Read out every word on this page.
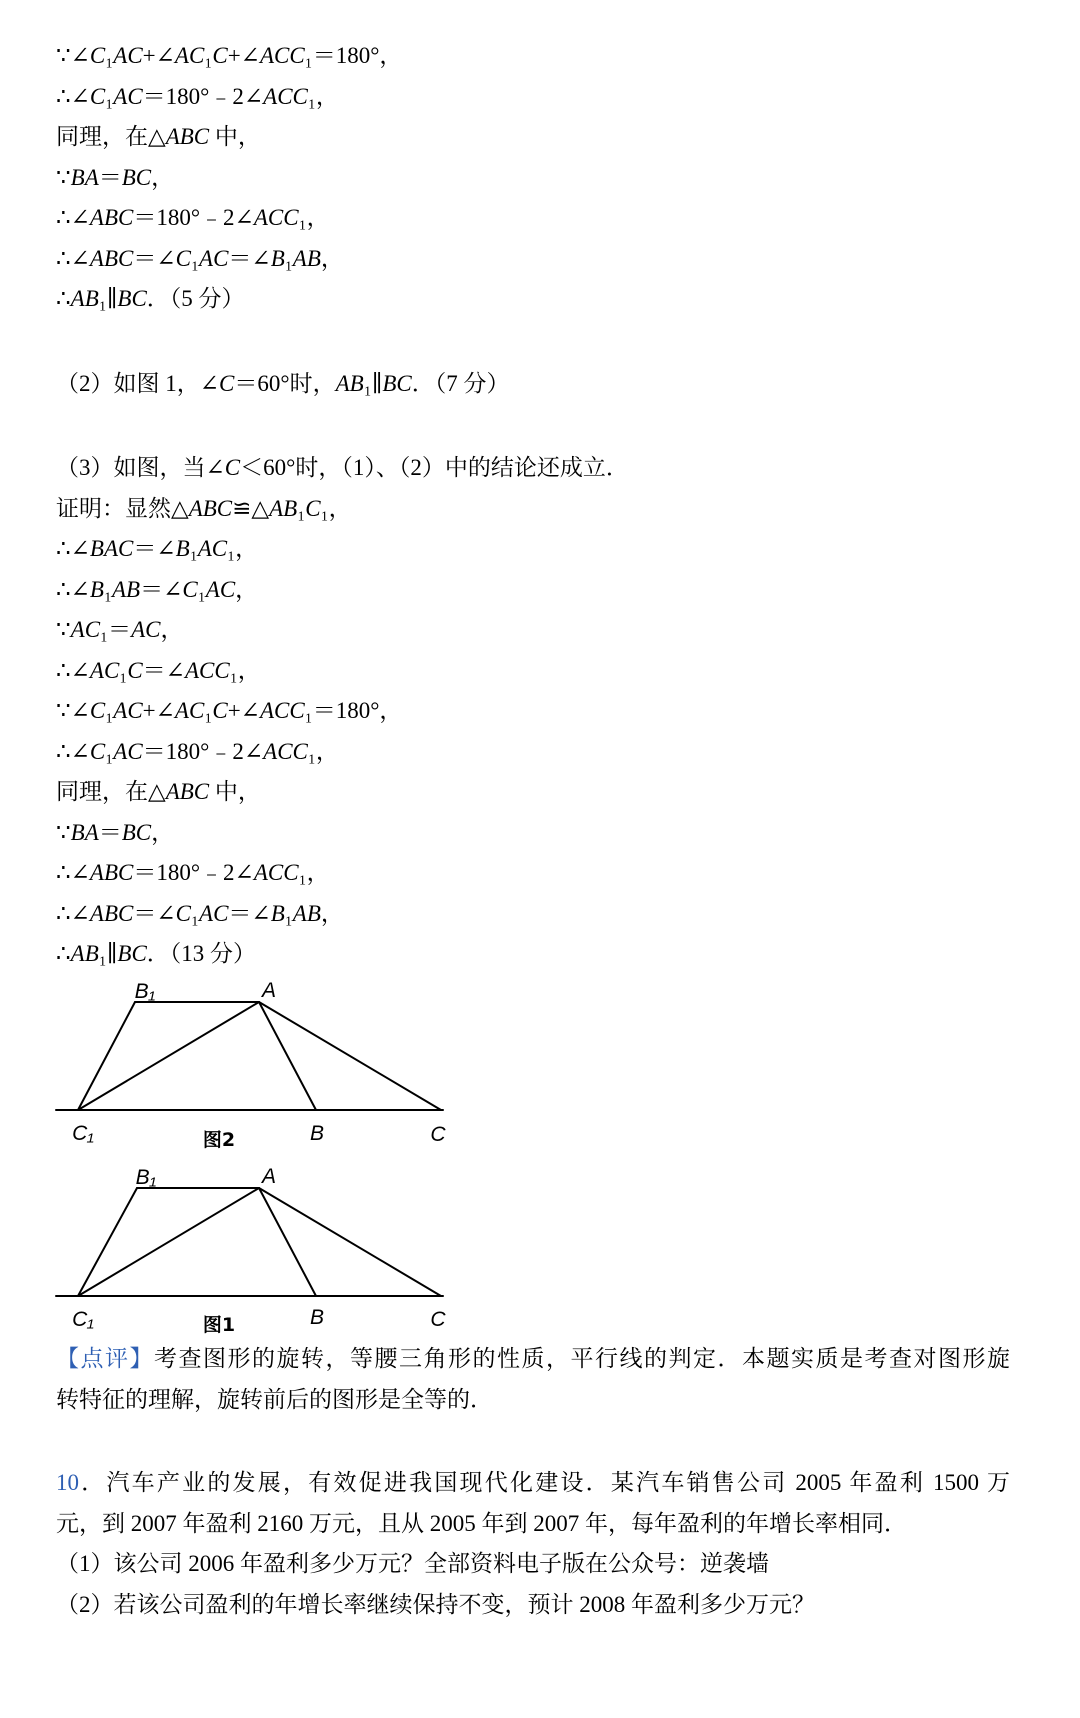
∵∠C₁AC+∠AC₁C+∠ACC₁＝180°，
∴∠C₁AC＝180°﹣2∠ACC₁，
同理，在△ABC 中，
∵BA＝BC，
∴∠ABC＝180°﹣2∠ACC₁，
∴∠ABC＝∠C₁AC＝∠B₁AB，
∴AB₁∥BC．（5 分）
（2）如图 1，∠C＝60°时，AB₁∥BC．（7 分）
（3）如图，当∠C＜60°时，（1）、（2）中的结论还成立．
证明：显然△ABC≌△AB₁C₁，
∴∠BAC＝∠B₁AC₁，
∴∠B₁AB＝∠C₁AC，
∵AC₁＝AC，
∴∠AC₁C＝∠ACC₁，
∵∠C₁AC+∠AC₁C+∠ACC₁＝180°，
∴∠C₁AC＝180°﹣2∠ACC₁，
同理，在△ABC 中，
∵BA＝BC，
∴∠ABC＝180°﹣2∠ACC₁，
∴∠ABC＝∠C₁AC＝∠B₁AB，
∴AB₁∥BC．（13 分）
B₁	A
C₁	图2	B	C
B₁	A
C₁	图1	B	C
【点评】考查图形的旋转，等腰三角形的性质，平行线的判定．本题实质是考查对图形旋
转特征的理解，旋转前后的图形是全等的．
10．汽车产业的发展，有效促进我国现代化建设．某汽车销售公司 2005 年盈利 1500 万
元，到 2007 年盈利 2160 万元，且从 2005 年到 2007 年，每年盈利的年增长率相同．
（1）该公司 2006 年盈利多少万元？全部资料电子版在公众号：逆袭墙
（2）若该公司盈利的年增长率继续保持不变，预计 2008 年盈利多少万元？
